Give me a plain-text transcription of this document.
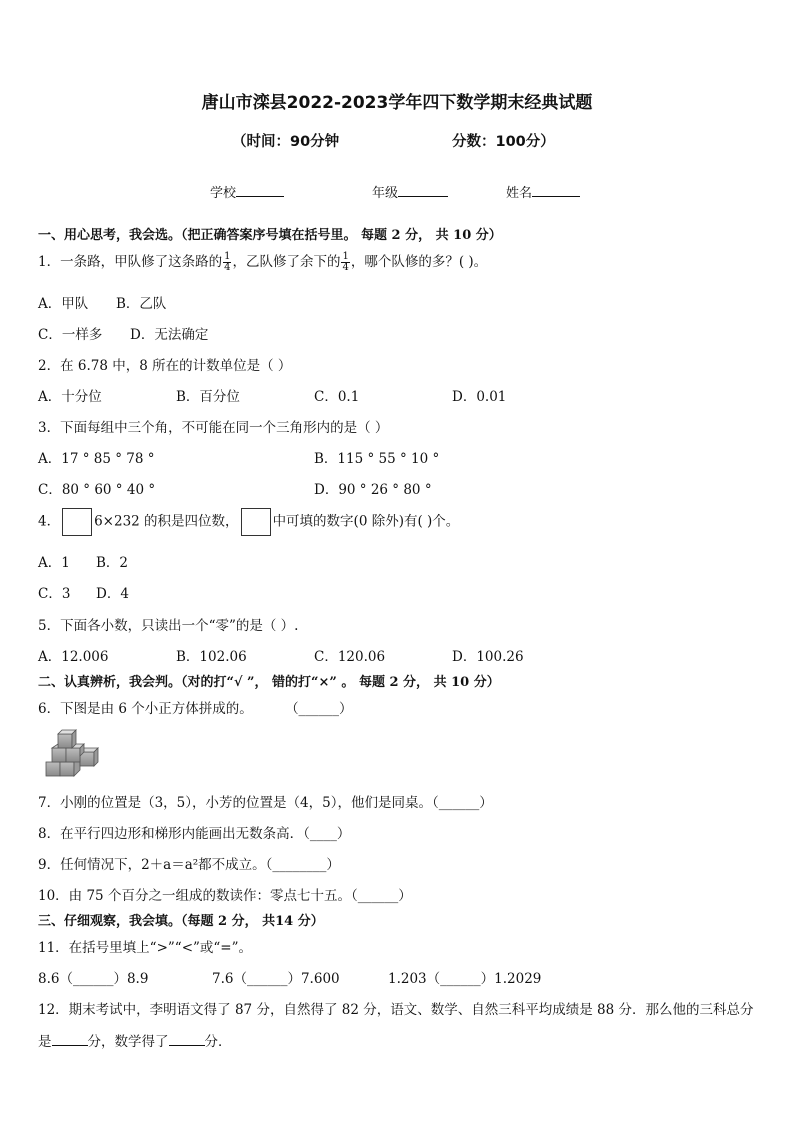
唐山市滦县2022-2023学年四下数学期末经典试题
（时间：90分钟	分数：100分）
学校	年级	姓名
一、用心思考，我会选。（把正确答案序号填在括号里。 每题 2 分， 共 10 分）
1．一条路，甲队修了这条路的 $\frac{1}{4}$ ，乙队修了余下的 $\frac{1}{4}$ ，哪个队修的多？( )。
A．甲队 B．乙队
C．一样多 D．无法确定
2．在 6.78 中，8 所在的计数单位是（ ）
A．十分位	B．百分位	C．0.1	D．0.01
3．下面每组中三个角，不可能在同一个三角形内的是（ ）
A．17 ° 85 ° 78 °	B．115 ° 55 ° 10 °
C．80 ° 60 ° 40 °	D．90 ° 26 ° 80 °
4．	6×232 的积是四位数，	中可填的数字(0 除外)有( )个。
A．1 B．2
C．3 D．4
5．下面各小数，只读出一个“零”的是（ ）.
A．12.006	B．102.06	C．120.06	D．100.26
二、认真辨析，我会判。（对的打“√ ”， 错的打“×” 。 每题 2 分， 共 10 分）
6．下图是由 6 个小正方体拼成的。 （______）
7．小刚的位置是（3，5），小芳的位置是（4，5），他们是同桌。（______）
8．在平行四边形和梯形内能画出无数条高．（____）
9．任何情况下，2＋a＝a²都不成立。（________）
10．由 75 个百分之一组成的数读作：零点七十五。（______）
三、仔细观察，我会填。（每题 2 分， 共14 分）
11．在括号里填上“>”“<”或“=”。
8.6（______）8.9	7.6（______）7.600	1.203（______）1.2029
12．期末考试中，李明语文得了 87 分，自然得了 82 分，语文、数学、自然三科平均成绩是 88 分．那么他的三科总分
是	分，数学得了	分．
